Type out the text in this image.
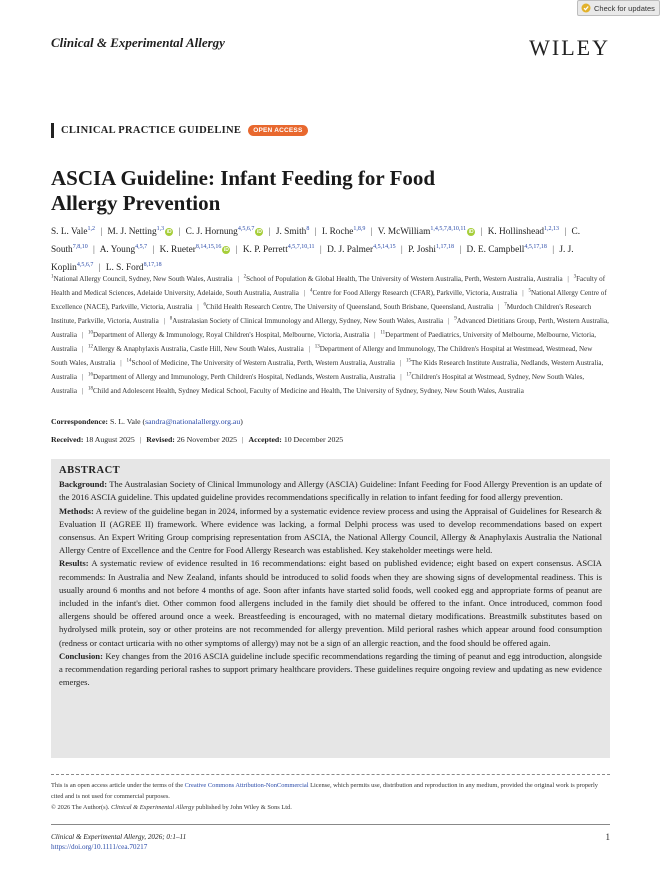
Check for updates
Clinical & Experimental Allergy	WILEY
CLINICAL PRACTICE GUIDELINE	OPEN ACCESS
ASCIA Guideline: Infant Feeding for Food
Allergy Prevention
S. L. Vale$^{1,2}$ | M. J. Netting$^{1,3}$iD | C. J. Hornung$^{4,5,6,7}$iD | J. Smith$^8$ | I. Roche$^{1,8,9}$ | V. McWilliam$^{1,4,5,7,8,10,11}$iD | K. Hollinshead$^{1,2,13}$ | C. South$^{7,8,10}$ | A. Young$^{4,5,7}$ | K. Rueter$^{8,14,15,16}$iD | K. P. Perrett$^{4,5,7,10,11}$ | D. J. Palmer$^{4,5,14,15}$ | P. Joshi$^{1,17,18}$ | D. E. Campbell$^{4,5,17,18}$ | J. J. Koplin$^{4,5,6,7}$ | L. S. Ford$^{8,17,18}$
$^1$National Allergy Council, Sydney, New South Wales, Australia | $^2$School of Population & Global Health, The University of Western Australia, Perth, Western Australia, Australia | $^3$Faculty of Health and Medical Sciences, Adelaide University, Adelaide, South Australia, Australia | $^4$Centre for Food Allergy Research (CFAR), Parkville, Victoria, Australia | $^5$National Allergy Centre of Excellence (NACE), Parkville, Victoria, Australia | $^6$Child Health Research Centre, The University of Queensland, South Brisbane, Queensland, Australia | $^7$Murdoch Children's Research Institute, Parkville, Victoria, Australia | $^8$Australasian Society of Clinical Immunology and Allergy, Sydney, New South Wales, Australia | $^9$Advanced Dietitians Group, Perth, Western Australia, Australia | $^{10}$Department of Allergy & Immunology, Royal Children's Hospital, Melbourne, Victoria, Australia | $^{11}$Department of Paediatrics, University of Melbourne, Melbourne, Victoria, Australia | $^{12}$Allergy & Anaphylaxis Australia, Castle Hill, New South Wales, Australia | $^{13}$Department of Allergy and Immunology, The Children's Hospital at Westmead, Westmead, New South Wales, Australia | $^{14}$School of Medicine, The University of Western Australia, Perth, Western Australia, Australia | $^{15}$The Kids Research Institute Australia, Nedlands, Western Australia, Australia | $^{16}$Department of Allergy and Immunology, Perth Children's Hospital, Nedlands, Western Australia, Australia | $^{17}$Children's Hospital at Westmead, Sydney, New South Wales, Australia | $^{18}$Child and Adolescent Health, Sydney Medical School, Faculty of Medicine and Health, The University of Sydney, Sydney, New South Wales, Australia
Correspondence: S. L. Vale (sandra@nationalallergy.org.au)
Received: 18 August 2025 | Revised: 26 November 2025 | Accepted: 10 December 2025
ABSTRACT

Background: The Australasian Society of Clinical Immunology and Allergy (ASCIA) Guideline: Infant Feeding for Food Allergy Prevention is an update of the 2016 ASCIA guideline. This updated guideline provides recommendations specifically in relation to infant feeding for food allergy prevention.

Methods: A review of the guideline began in 2024, informed by a systematic evidence review process and using the Appraisal of Guidelines for Research & Evaluation II (AGREE II) framework. Where evidence was lacking, a formal Delphi process was used to develop recommendations based on expert consensus. An Expert Writing Group comprising representation from ASCIA, the National Allergy Council, Allergy & Anaphylaxis Australia the National Allergy Centre of Excellence and the Centre for Food Allergy Research was established. Key stakeholder meetings were held.

Results: A systematic review of evidence resulted in 16 recommendations: eight based on published evidence; eight based on expert consensus. ASCIA recommends: In Australia and New Zealand, infants should be introduced to solid foods when they are showing signs of developmental readiness. This is usually around 6 months and not before 4 months of age. Soon after infants have started solid foods, well cooked egg and appropriate forms of peanut are included in the infant's diet. Other common food allergens included in the family diet should be offered to the infant. Once introduced, common food allergens should be offered around once a week. Breastfeeding is encouraged, with no maternal dietary modifications. Breastmilk substitutes based on hydrolysed milk protein, soy or other proteins are not recommended for allergy prevention. Mild perioral rashes which appear around food consumption (redness or contact urticaria with no other symptoms of allergy) may not be a sign of an allergic reaction, and the food should be offered again.

Conclusion: Key changes from the 2016 ASCIA guideline include specific recommendations regarding the timing of peanut and egg introduction, alongside a recommendation regarding perioral rashes to support primary healthcare providers. These guidelines require ongoing review and updating as new evidence emerges.

This is an open access article under the terms of the Creative Commons Attribution-NonCommercial License, which permits use, distribution and reproduction in any medium, provided the original work is properly cited and is not used for commercial purposes.
© 2026 The Author(s). Clinical & Experimental Allergy published by John Wiley & Sons Ltd.
Clinical & Experimental Allergy, 2026; 0:1–11
https://doi.org/10.1111/cea.70217
1
